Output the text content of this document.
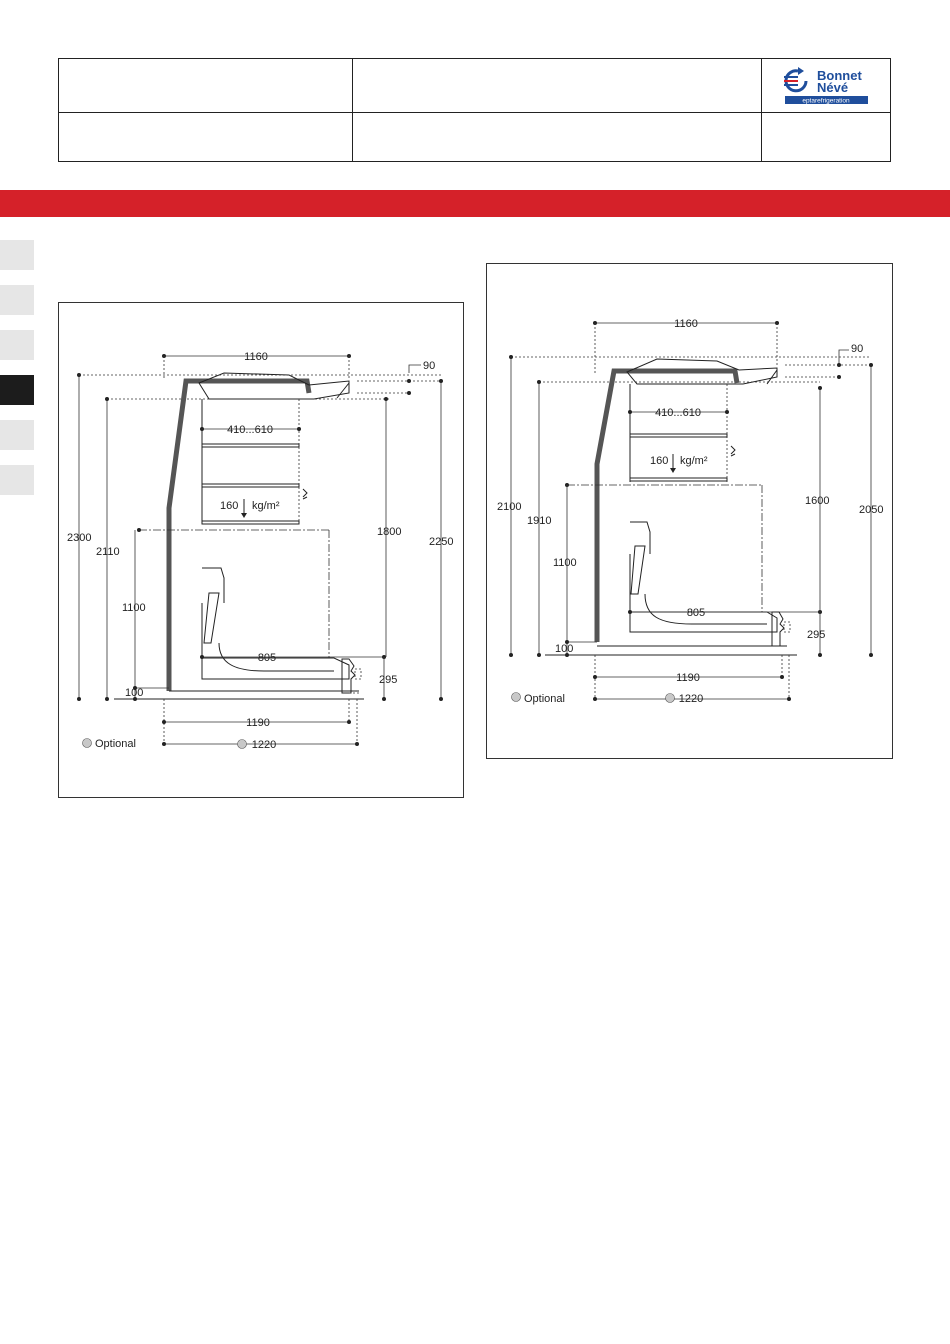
Bonnet
Névé
eptarefrigeration
1160
90
410...610
160 kg/m²
805
295
2300
2110
1100
100
1800
2250
1190
1220
Optional
1160
90
410...610
160 kg/m²
805
295
2100
1910
1100
100
1600
2050
1190
1220
Optional
